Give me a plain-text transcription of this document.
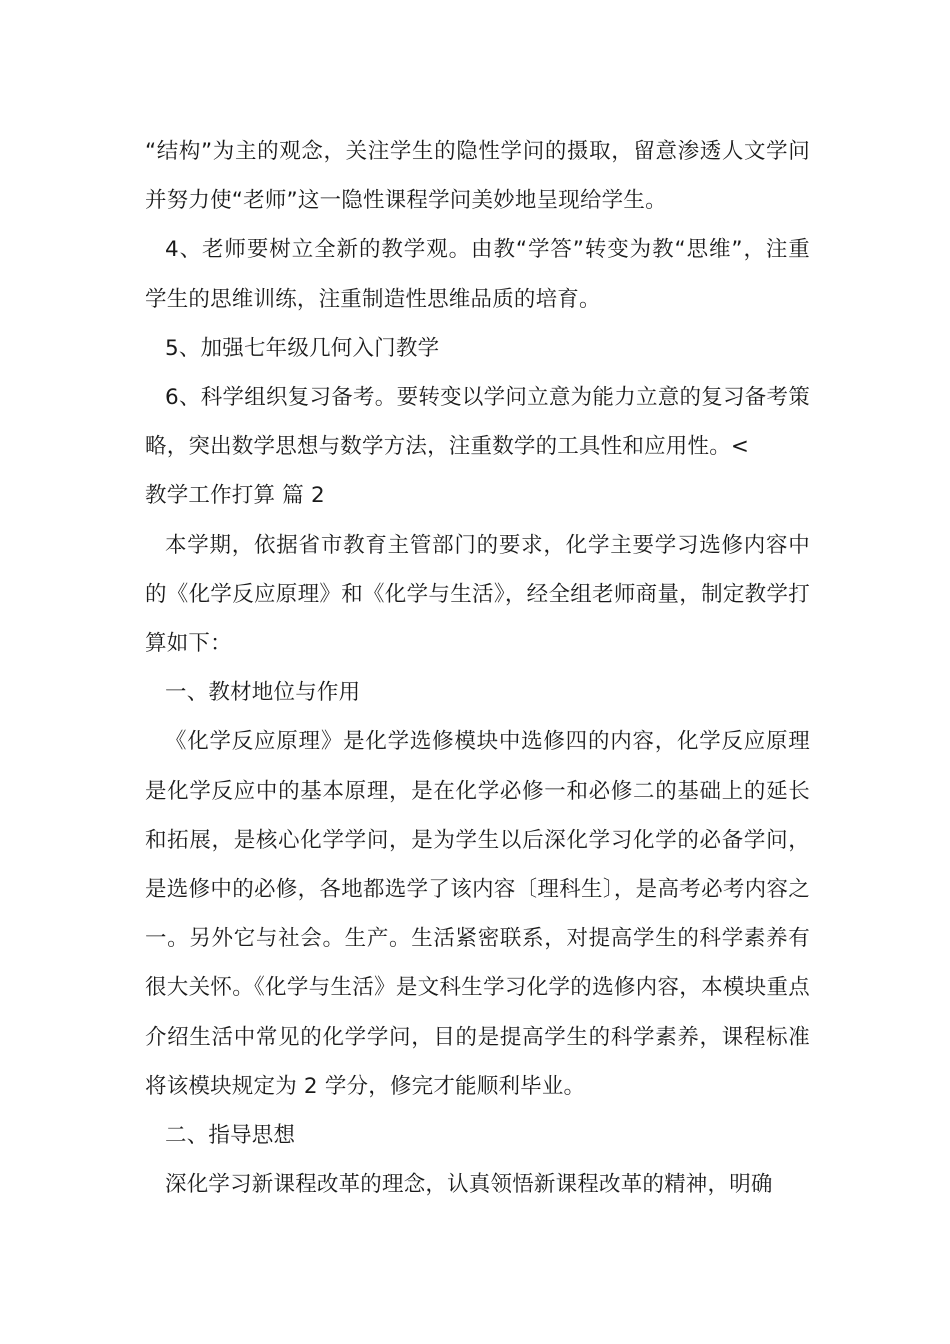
“结构”为主的观念，关注学生的隐性学问的摄取，留意渗透人文学问并努力使“老师”这一隐性课程学问美妙地呈现给学生。

4、老师要树立全新的教学观。由教“学答”转变为教“思维”，注重学生的思维训练，注重制造性思维品质的培育。

5、加强七年级几何入门教学

6、科学组织复习备考。要转变以学问立意为能力立意的复习备考策略，突出数学思想与数学方法，注重数学的工具性和应用性。<

教学工作打算 篇 2

本学期，依据省市教育主管部门的要求，化学主要学习选修内容中的《化学反应原理》和《化学与生活》，经全组老师商量，制定教学打算如下：

一、教材地位与作用

《化学反应原理》是化学选修模块中选修四的内容，化学反应原理是化学反应中的基本原理，是在化学必修一和必修二的基础上的延长和拓展，是核心化学学问，是为学生以后深化学习化学的必备学问，是选修中的必修，各地都选学了该内容〔理科生〕，是高考必考内容之一。另外它与社会。生产。生活紧密联系，对提高学生的科学素养有很大关怀。《化学与生活》是文科生学习化学的选修内容，本模块重点介绍生活中常见的化学学问，目的是提高学生的科学素养，课程标准将该模块规定为 2 学分，修完才能顺利毕业。

二、指导思想

深化学习新课程改革的理念，认真领悟新课程改革的精神，明确
